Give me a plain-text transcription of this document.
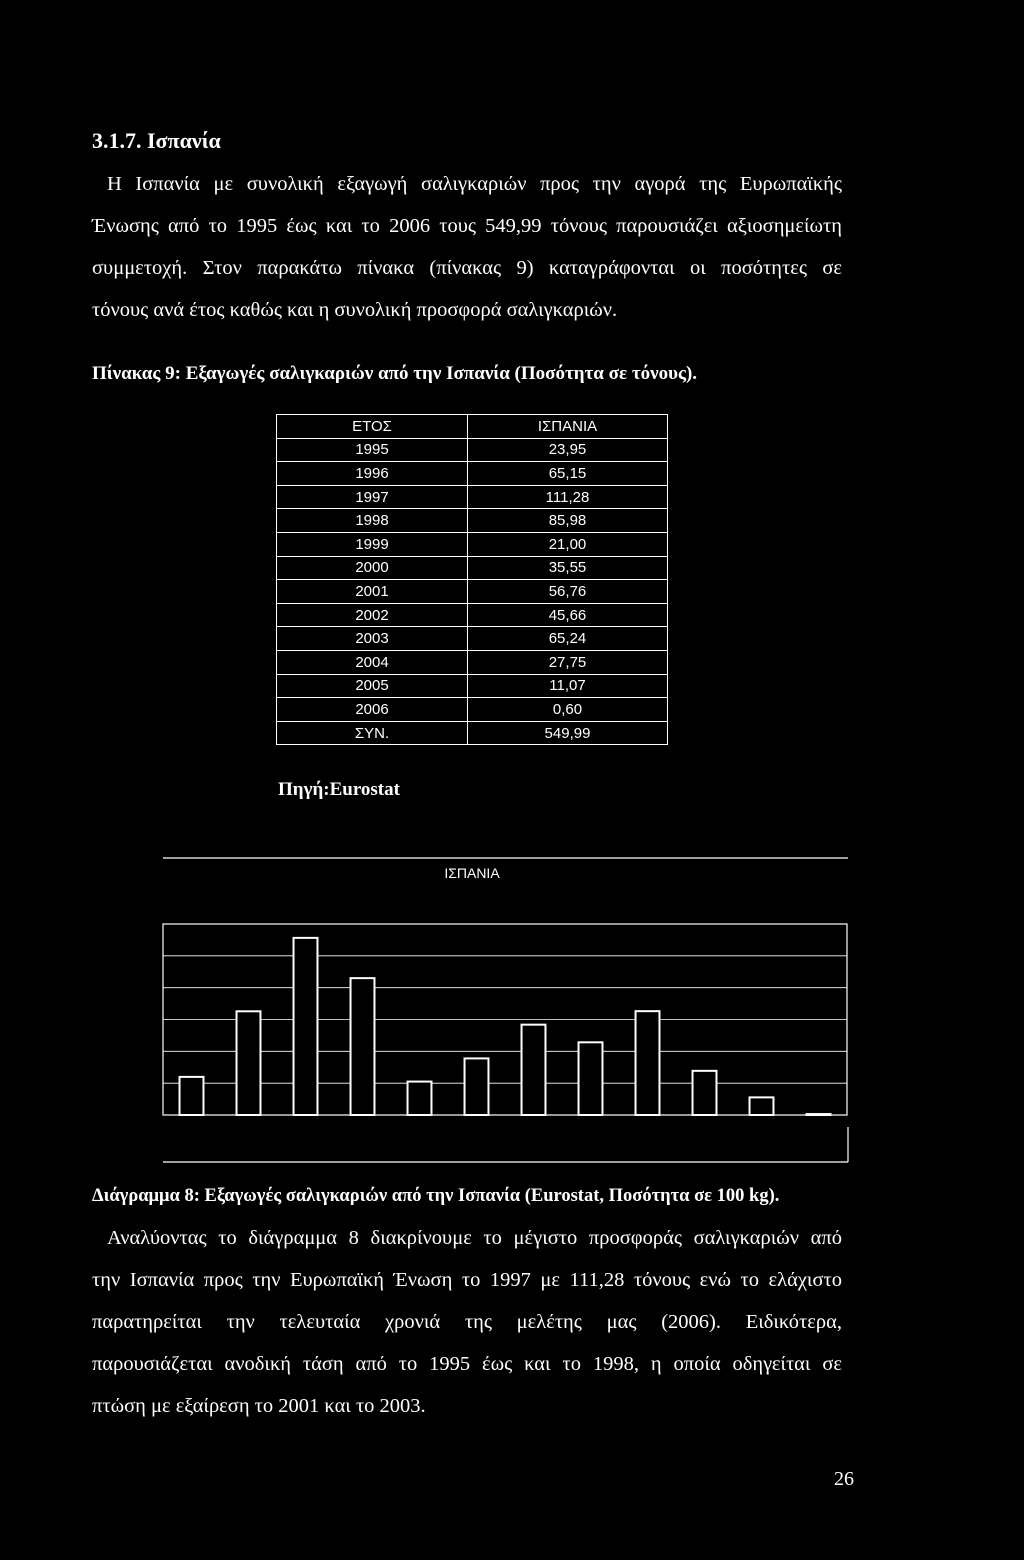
3.1.7. Ισπανία
Η Ισπανία με συνολική εξαγωγή σαλιγκαριών προς την αγορά της Ευρωπαϊκής
Ένωσης από το 1995 έως και το 2006 τους 549,99 τόνους παρουσιάζει αξιοσημείωτη
συμμετοχή. Στον παρακάτω πίνακα (πίνακας 9) καταγράφονται οι ποσότητες σε
τόνους ανά έτος καθώς και η συνολική προσφορά σαλιγκαριών.

Πίνακας 9: Εξαγωγές σαλιγκαριών από την Ισπανία (Ποσότητα σε τόνους).

ΕΤΟΣ	ΙΣΠΑΝΙΑ
1995	23,95
1996	65,15
1997	111,28
1998	85,98
1999	21,00
2000	35,55
2001	56,76
2002	45,66
2003	65,24
2004	27,75
2005	11,07
2006	0,60
ΣΥΝ.	549,99

Πηγή:Eurostat

ΙΣΠΑΝΙΑ

Διάγραμμα 8: Εξαγωγές σαλιγκαριών από την Ισπανία (Eurostat, Ποσότητα σε 100 kg).

Αναλύοντας το διάγραμμα 8 διακρίνουμε το μέγιστο προσφοράς σαλιγκαριών από
την Ισπανία προς την Ευρωπαϊκή Ένωση το 1997 με 111,28 τόνους ενώ το ελάχιστο
παρατηρείται την τελευταία χρονιά της μελέτης μας (2006). Ειδικότερα,
παρουσιάζεται ανοδική τάση από το 1995 έως και το 1998, η οποία οδηγείται σε
πτώση με εξαίρεση το 2001 και το 2003.

26
